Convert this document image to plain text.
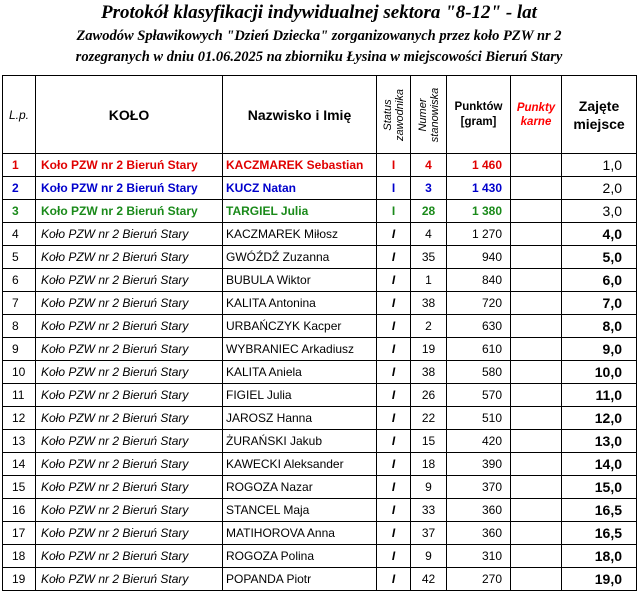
Protokół klasyfikacji indywidualnej sektora "8-12" - lat
Zawodów Spławikowych "Dzień Dziecka" zorganizowanych przez koło PZW nr 2
rozegranych w dniu 01.06.2025 na zbiorniku Łysina w miejscowości Bieruń Stary
L.p.	KOŁO	Nazwisko i Imię	Status zawodnika	Numer stanowiska	Punktów [gram]	Punkty karne	Zajęte miejsce
1	Koło PZW nr 2 Bieruń Stary	KACZMAREK Sebastian	I	4	1 460		1,0
2	Koło PZW nr 2 Bieruń Stary	KUCZ Natan	I	3	1 430		2,0
3	Koło PZW nr 2 Bieruń Stary	TARGIEL Julia	I	28	1 380		3,0
4	Koło PZW nr 2 Bieruń Stary	KACZMAREK Miłosz	I	4	1 270		4,0
5	Koło PZW nr 2 Bieruń Stary	GWÓŹDŹ Zuzanna	I	35	940		5,0
6	Koło PZW nr 2 Bieruń Stary	BUBULA Wiktor	I	1	840		6,0
7	Koło PZW nr 2 Bieruń Stary	KALITA Antonina	I	38	720		7,0
8	Koło PZW nr 2 Bieruń Stary	URBAŃCZYK Kacper	I	2	630		8,0
9	Koło PZW nr 2 Bieruń Stary	WYBRANIEC Arkadiusz	I	19	610		9,0
10	Koło PZW nr 2 Bieruń Stary	KALITA Aniela	I	38	580		10,0
11	Koło PZW nr 2 Bieruń Stary	FIGIEL Julia	I	26	570		11,0
12	Koło PZW nr 2 Bieruń Stary	JAROSZ Hanna	I	22	510		12,0
13	Koło PZW nr 2 Bieruń Stary	ŻURAŃSKI Jakub	I	15	420		13,0
14	Koło PZW nr 2 Bieruń Stary	KAWECKI Aleksander	I	18	390		14,0
15	Koło PZW nr 2 Bieruń Stary	ROGOZA Nazar	I	9	370		15,0
16	Koło PZW nr 2 Bieruń Stary	STANCEL Maja	I	33	360		16,5
17	Koło PZW nr 2 Bieruń Stary	MATIHOROVA Anna	I	37	360		16,5
18	Koło PZW nr 2 Bieruń Stary	ROGOZA Polina	I	9	310		18,0
19	Koło PZW nr 2 Bieruń Stary	POPANDA Piotr	I	42	270		19,0
